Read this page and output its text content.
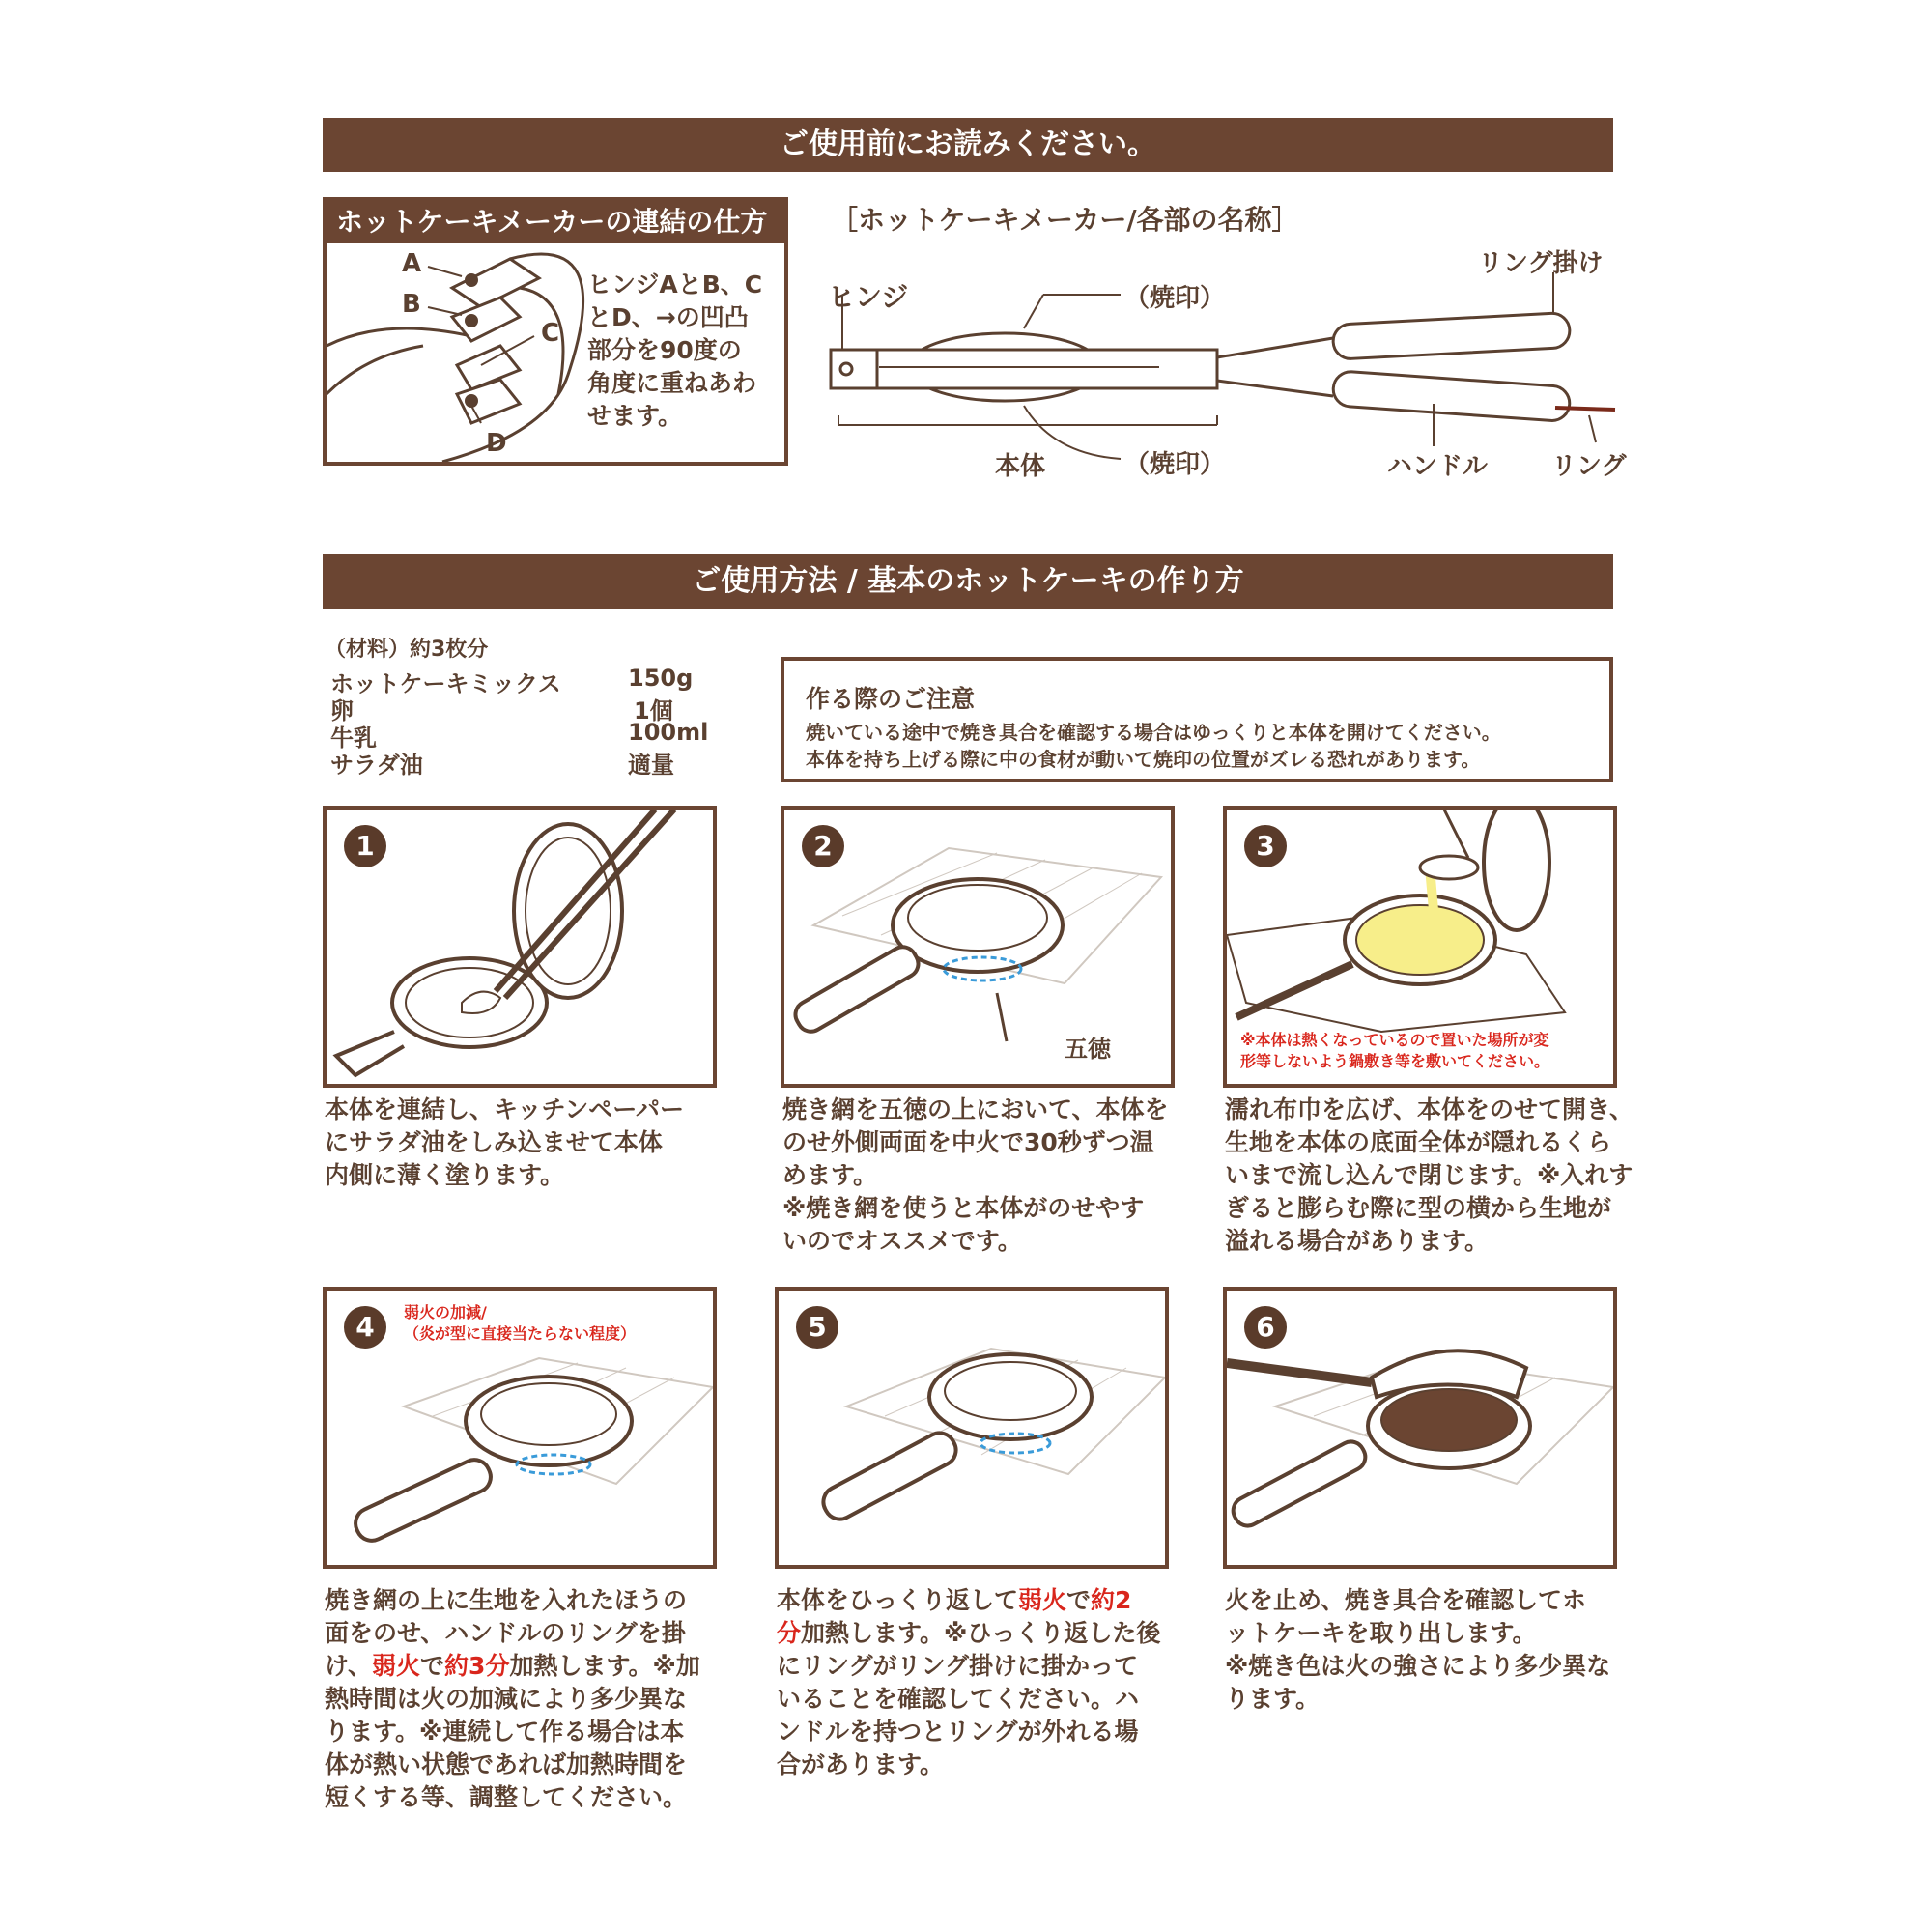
ご使用前にお読みください。
ホットケーキメーカーの連結の仕方
A
B
C
D
ヒンジAとB、C
とD、→の凹凸
部分を90度の
角度に重ねあわ
せます。
［ホットケーキメーカー/各部の名称］
ヒンジ	（焼印）
（焼印）
本体
リング掛け
ハンドル	リング
ご使用方法 / 基本のホットケーキの作り方
（材料）約3枚分
ホットケーキミックス	150g
卵	1個
牛乳	100ml
サラダ油	適量
作る際のご注意
焼いている途中で焼き具合を確認する場合はゆっくりと本体を開けてください。
本体を持ち上げる際に中の食材が動いて焼印の位置がズレる恐れがあります。
1
本体を連結し、キッチンペーパー
にサラダ油をしみ込ませて本体
内側に薄く塗ります。
2
五徳
焼き網を五徳の上において、本体を
のせ外側両面を中火で30秒ずつ温
めます。
※焼き網を使うと本体がのせやす
いのでオススメです。
3
※本体は熱くなっているので置いた場所が変
形等しないよう鍋敷き等を敷いてください。
濡れ布巾を広げ、本体をのせて開き、
生地を本体の底面全体が隠れるくら
いまで流し込んで閉じます。※入れす
ぎると膨らむ際に型の横から生地が
溢れる場合があります。
4	弱火の加減/
（炎が型に直接当たらない程度）
焼き網の上に生地を入れたほうの
面をのせ、ハンドルのリングを掛
け、弱火で約3分加熱します。※加
熱時間は火の加減により多少異な
ります。※連続して作る場合は本
体が熱い状態であれば加熱時間を
短くする等、調整してください。
5
本体をひっくり返して弱火で約2
分加熱します。※ひっくり返した後
にリングがリング掛けに掛かって
いることを確認してください。ハ
ンドルを持つとリングが外れる場
合があります。
6
火を止め、焼き具合を確認してホ
ットケーキを取り出します。
※焼き色は火の強さにより多少異な
ります。
